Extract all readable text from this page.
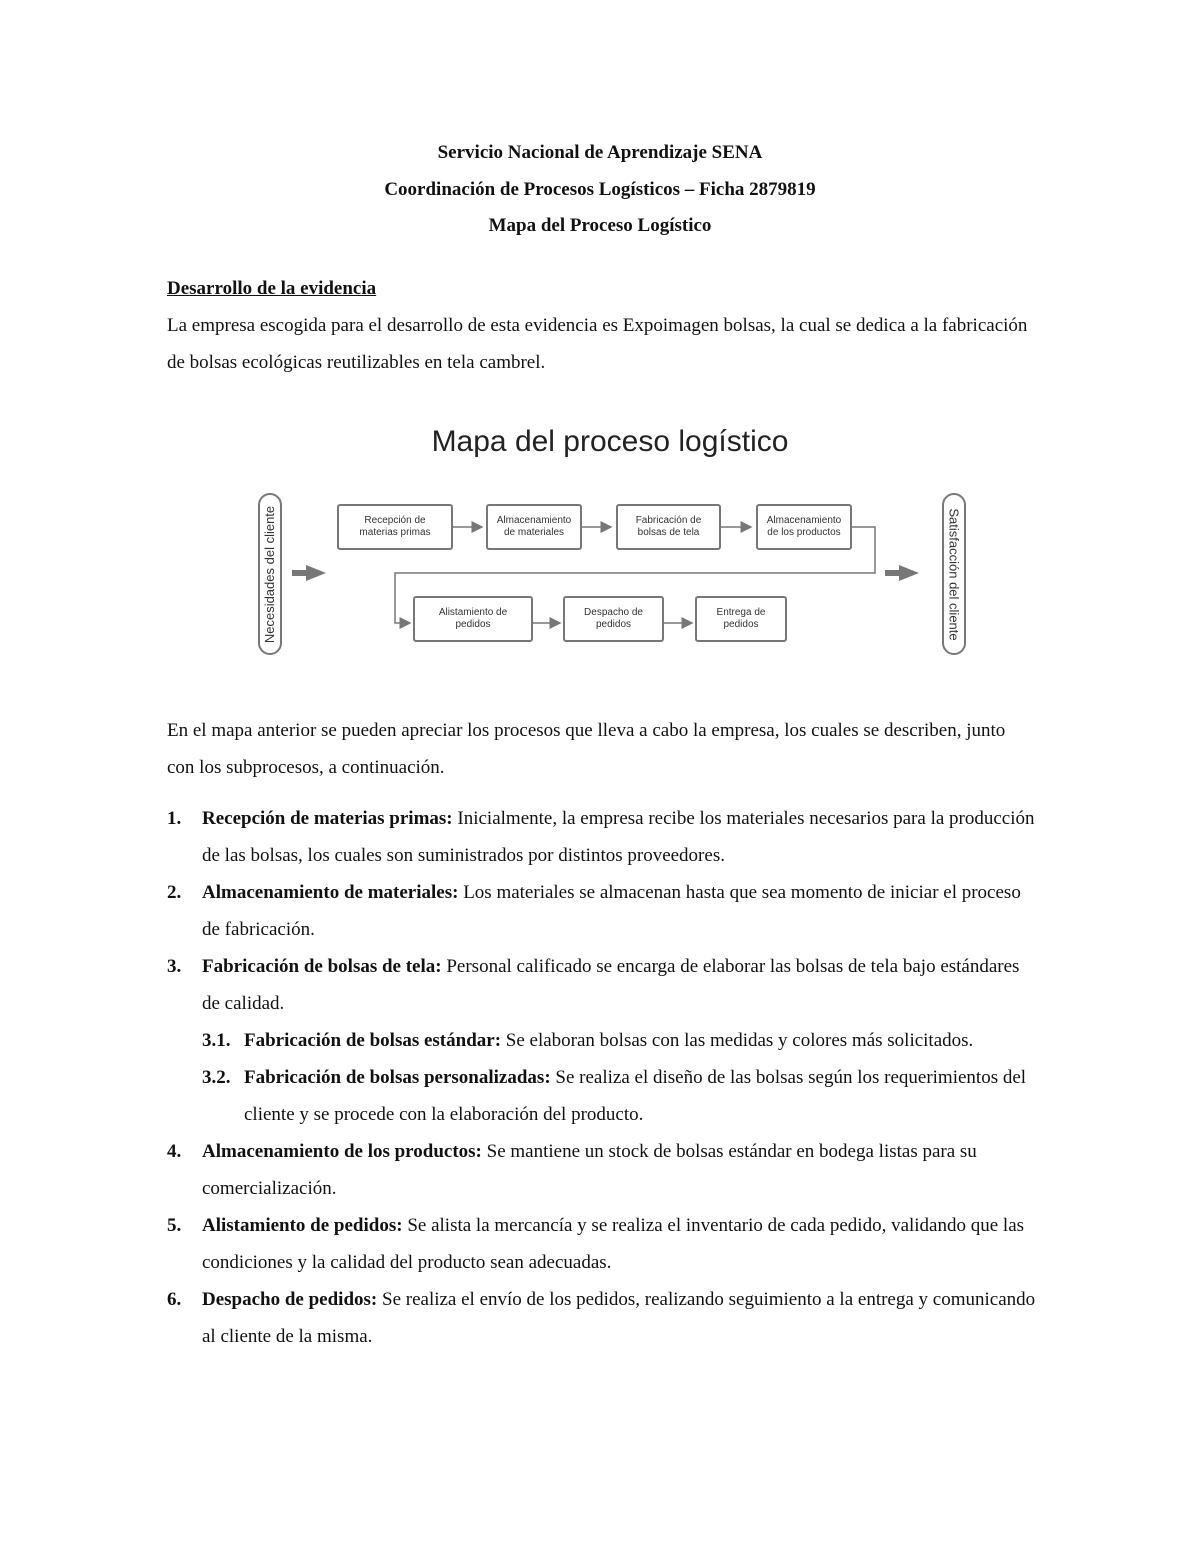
Servicio Nacional de Aprendizaje SENA
Coordinación de Procesos Logísticos – Ficha 2879819
Mapa del Proceso Logístico
Desarrollo de la evidencia
La empresa escogida para el desarrollo de esta evidencia es Expoimagen bolsas, la cual se dedica a la fabricación de bolsas ecológicas reutilizables en tela cambrel.
Mapa del proceso logístico
Necesidades del cliente	Satisfacción del cliente
Recepción de materias primas
Almacenamiento de materiales
Fabricación de bolsas de tela
Almacenamiento de los productos
Alistamiento de pedidos
Despacho de pedidos
Entrega de pedidos
En el mapa anterior se pueden apreciar los procesos que lleva a cabo la empresa, los cuales se describen, junto con los subprocesos, a continuación.
1. Recepción de materias primas: Inicialmente, la empresa recibe los materiales necesarios para la producción de las bolsas, los cuales son suministrados por distintos proveedores.
2. Almacenamiento de materiales: Los materiales se almacenan hasta que sea momento de iniciar el proceso de fabricación.
3. Fabricación de bolsas de tela: Personal calificado se encarga de elaborar las bolsas de tela bajo estándares de calidad.
3.1. Fabricación de bolsas estándar: Se elaboran bolsas con las medidas y colores más solicitados.
3.2. Fabricación de bolsas personalizadas: Se realiza el diseño de las bolsas según los requerimientos del cliente y se procede con la elaboración del producto.
4. Almacenamiento de los productos: Se mantiene un stock de bolsas estándar en bodega listas para su comercialización.
5. Alistamiento de pedidos: Se alista la mercancía y se realiza el inventario de cada pedido, validando que las condiciones y la calidad del producto sean adecuadas.
6. Despacho de pedidos: Se realiza el envío de los pedidos, realizando seguimiento a la entrega y comunicando al cliente de la misma.
